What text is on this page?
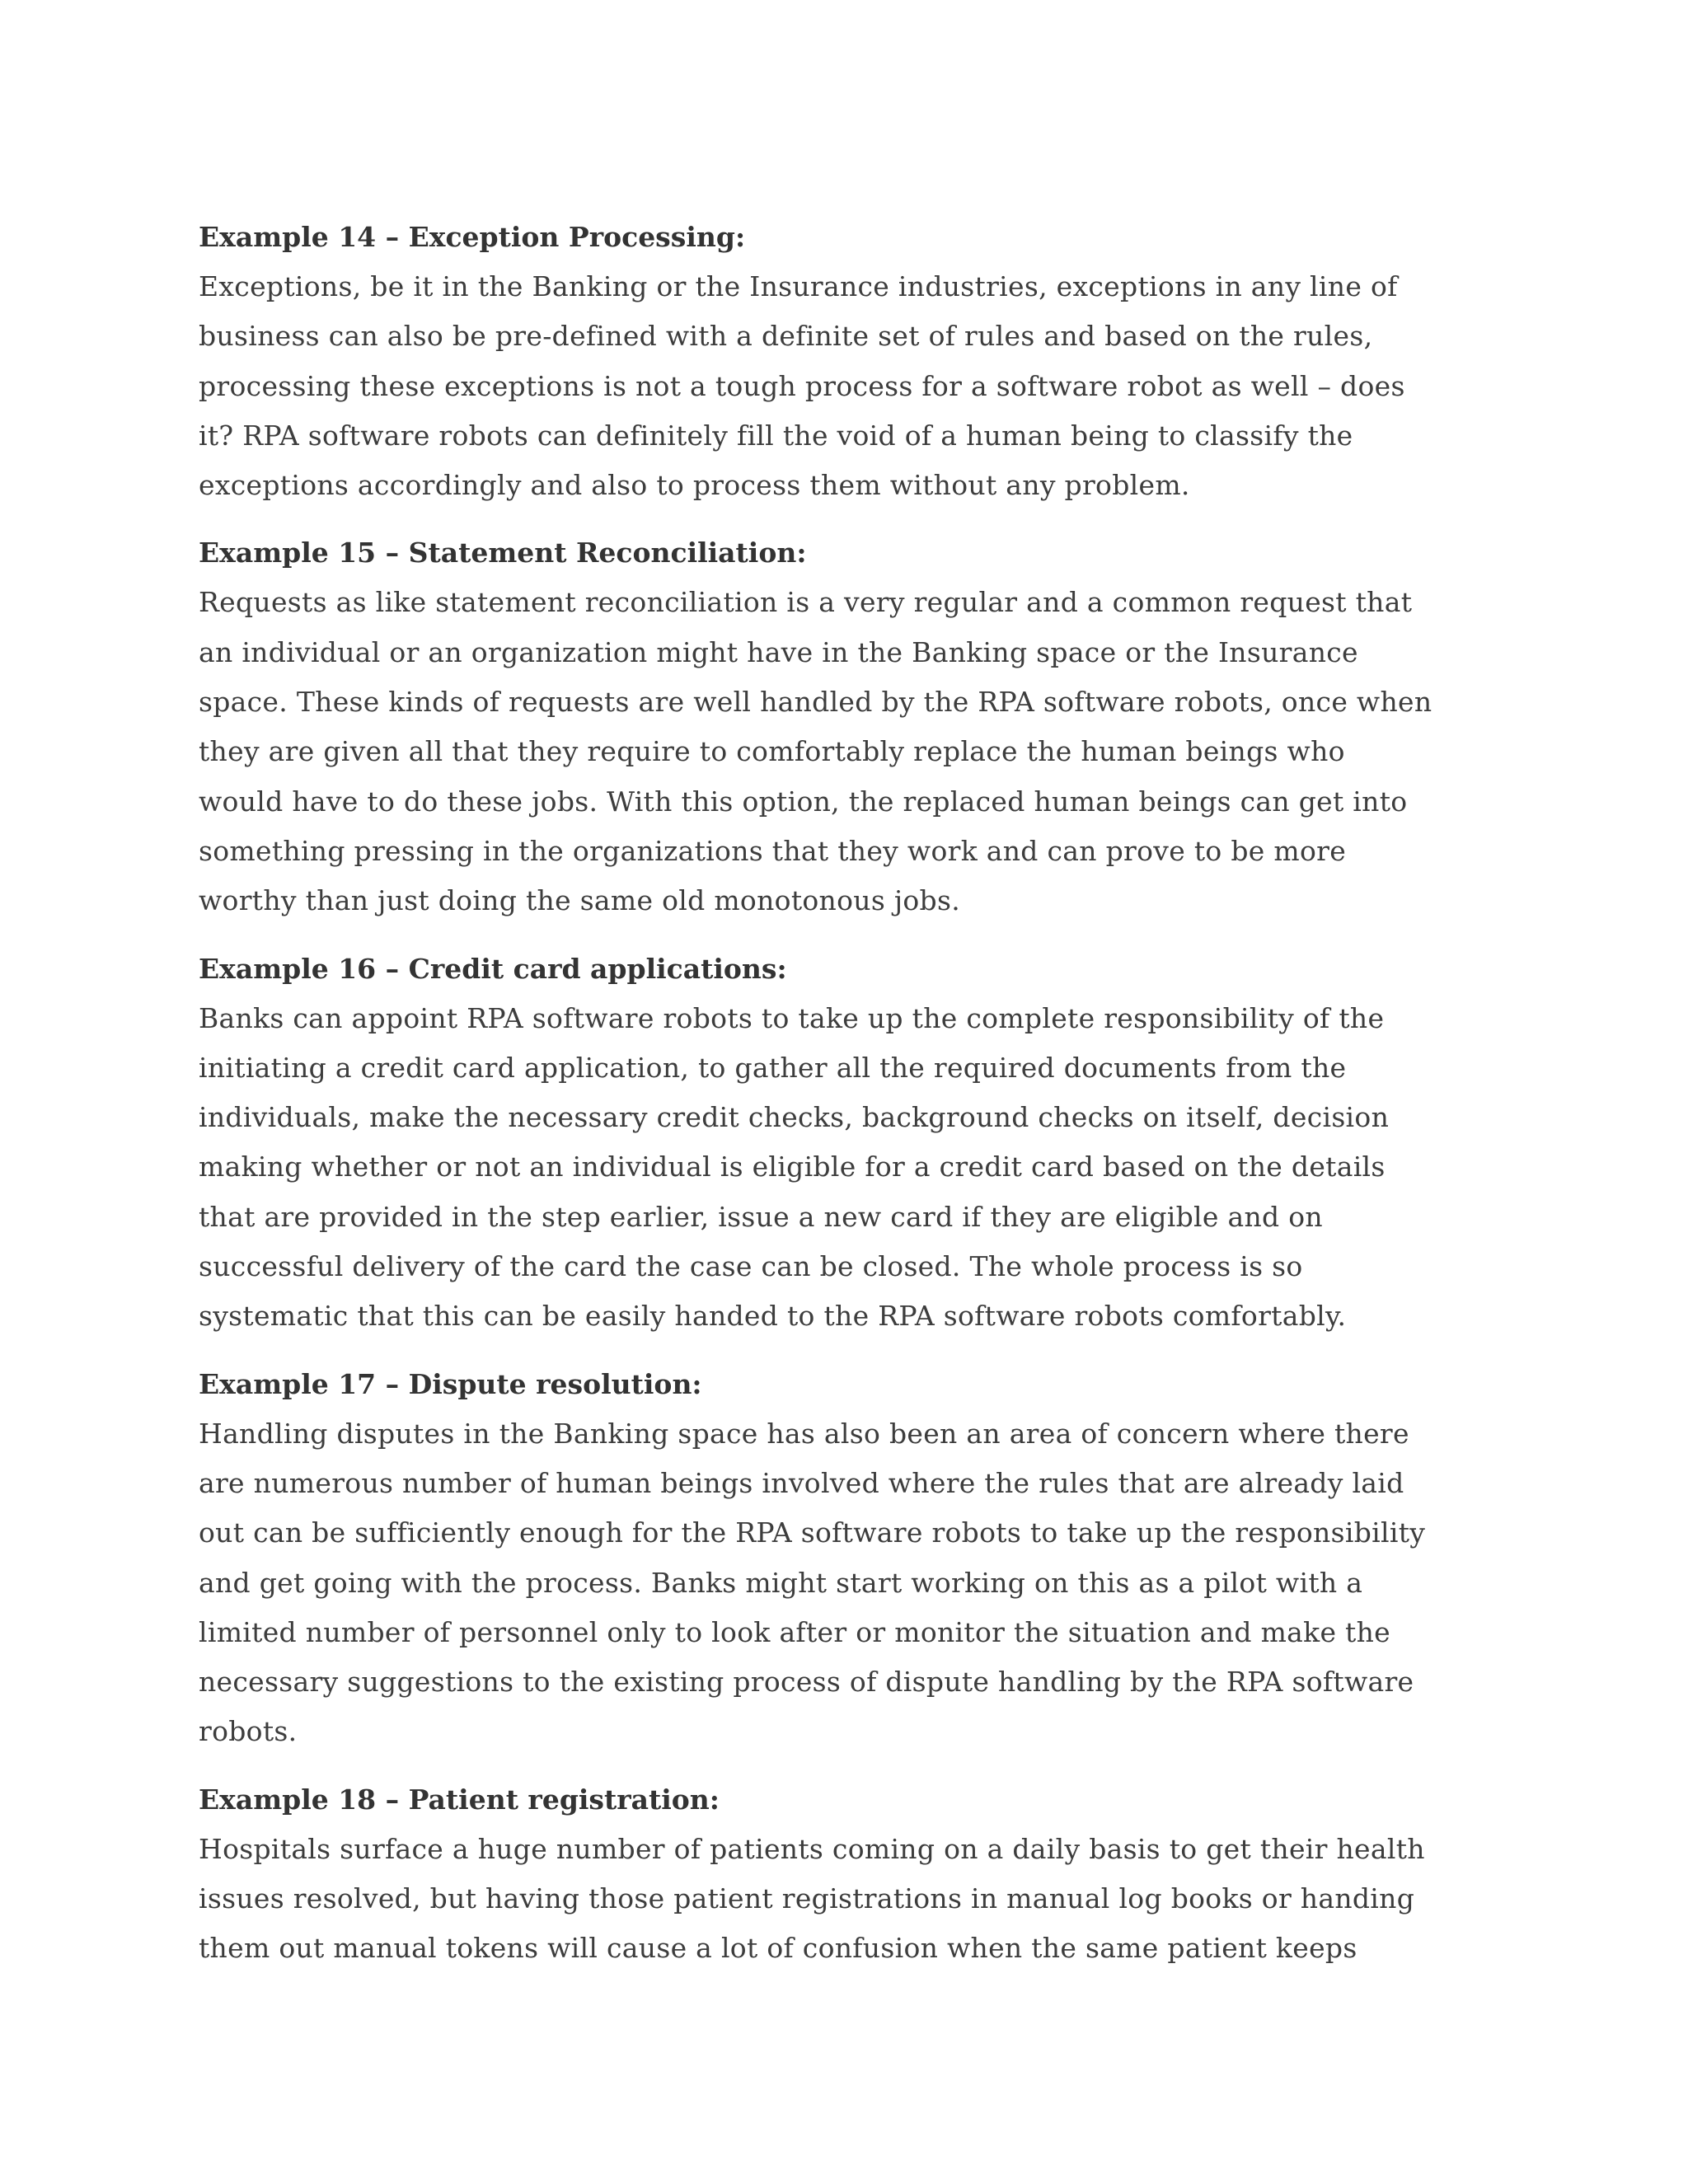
Example 14 – Exception Processing:
Exceptions, be it in the Banking or the Insurance industries, exceptions in any line of
business can also be pre-defined with a definite set of rules and based on the rules,
processing these exceptions is not a tough process for a software robot as well – does
it? RPA software robots can definitely fill the void of a human being to classify the
exceptions accordingly and also to process them without any problem.
Example 15 – Statement Reconciliation:
Requests as like statement reconciliation is a very regular and a common request that
an individual or an organization might have in the Banking space or the Insurance
space. These kinds of requests are well handled by the RPA software robots, once when
they are given all that they require to comfortably replace the human beings who
would have to do these jobs. With this option, the replaced human beings can get into
something pressing in the organizations that they work and can prove to be more
worthy than just doing the same old monotonous jobs.
Example 16 – Credit card applications:
Banks can appoint RPA software robots to take up the complete responsibility of the
initiating a credit card application, to gather all the required documents from the
individuals, make the necessary credit checks, background checks on itself, decision
making whether or not an individual is eligible for a credit card based on the details
that are provided in the step earlier, issue a new card if they are eligible and on
successful delivery of the card the case can be closed. The whole process is so
systematic that this can be easily handed to the RPA software robots comfortably.
Example 17 – Dispute resolution:
Handling disputes in the Banking space has also been an area of concern where there
are numerous number of human beings involved where the rules that are already laid
out can be sufficiently enough for the RPA software robots to take up the responsibility
and get going with the process. Banks might start working on this as a pilot with a
limited number of personnel only to look after or monitor the situation and make the
necessary suggestions to the existing process of dispute handling by the RPA software
robots.
Example 18 – Patient registration:
Hospitals surface a huge number of patients coming on a daily basis to get their health
issues resolved, but having those patient registrations in manual log books or handing
them out manual tokens will cause a lot of confusion when the same patient keeps
